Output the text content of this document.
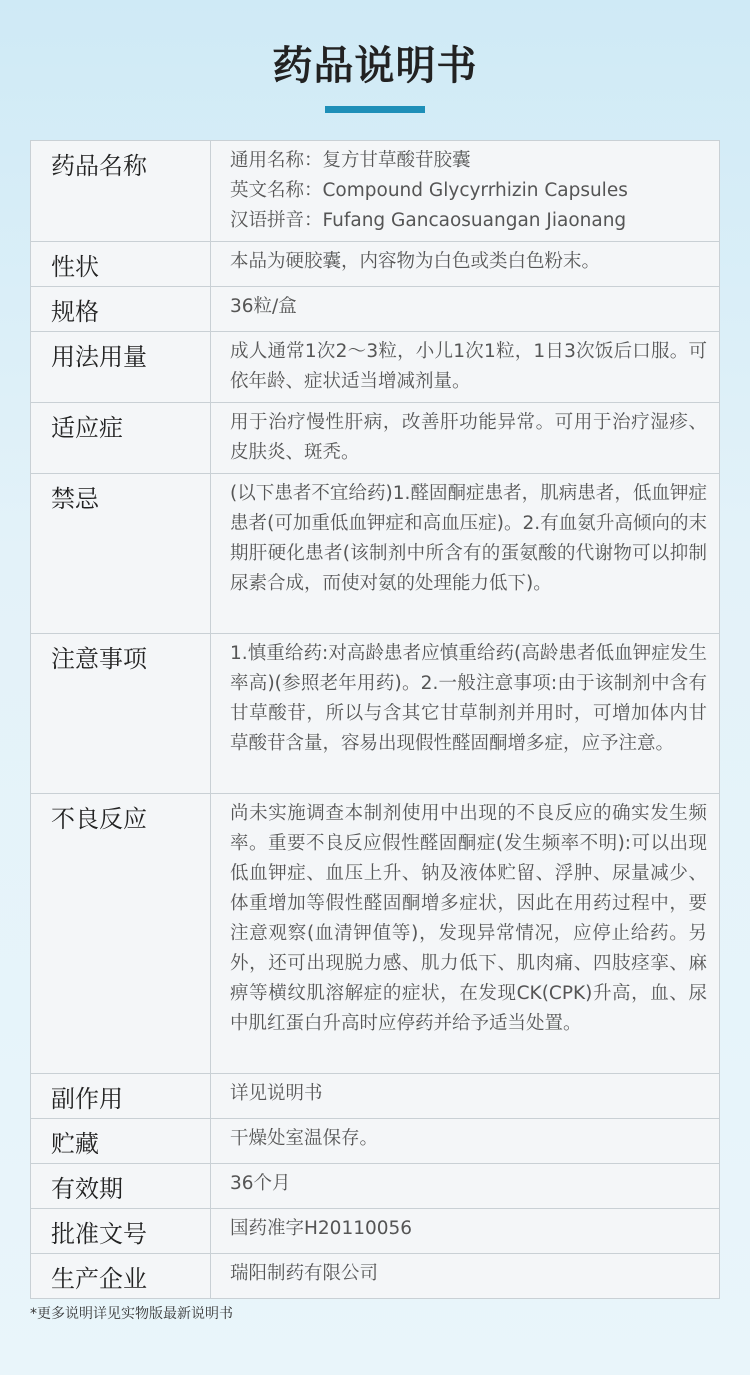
药品说明书
药品名称	通用名称：复方甘草酸苷胶囊
英文名称：Compound Glycyrrhizin Capsules
汉语拼音：Fufang Gancaosuangan Jiaonang

性状	本品为硬胶囊，内容物为白色或类白色粉末。
规格	36粒/盒
用法用量	成人通常1次2～3粒，小儿1次1粒，1日3次饭后口服。可依年龄、症状适当增减剂量。
适应症	用于治疗慢性肝病，改善肝功能异常。可用于治疗湿疹、皮肤炎、斑秃。
禁忌	(以下患者不宜给药)1.醛固酮症患者，肌病患者，低血钾症患者(可加重低血钾症和高血压症)。2.有血氨升高倾向的末期肝硬化患者(该制剂中所含有的蛋氨酸的代谢物可以抑制尿素合成，而使对氨的处理能力低下)。
注意事项	1.慎重给药:对高龄患者应慎重给药(高龄患者低血钾症发生率高)(参照老年用药)。2.一般注意事项:由于该制剂中含有甘草酸苷，所以与含其它甘草制剂并用时，可增加体内甘草酸苷含量，容易出现假性醛固酮增多症，应予注意。
不良反应	尚未实施调查本制剂使用中出现的不良反应的确实发生频率。重要不良反应假性醛固酮症(发生频率不明):可以出现低血钾症、血压上升、钠及液体贮留、浮肿、尿量减少、体重增加等假性醛固酮增多症状，因此在用药过程中，要注意观察(血清钾值等)，发现异常情况，应停止给药。另外，还可出现脱力感、肌力低下、肌肉痛、四肢痉挛、麻痹等横纹肌溶解症的症状，在发现CK(CPK)升高，血、尿中肌红蛋白升高时应停药并给予适当处置。
副作用	详见说明书
贮藏	干燥处室温保存。
有效期	36个月
批准文号	国药准字H20110056
生产企业	瑞阳制药有限公司
*更多说明详见实物版最新说明书
